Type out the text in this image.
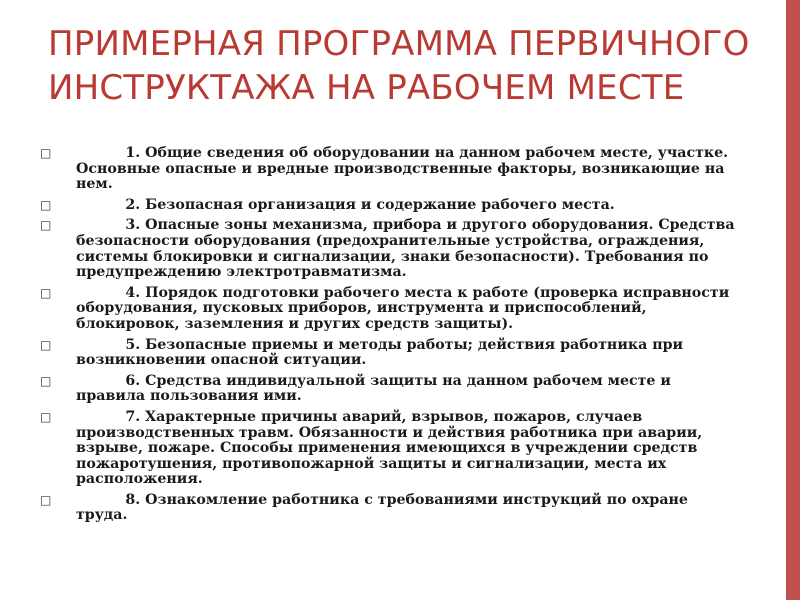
ПРИМЕРНАЯ ПРОГРАММА ПЕРВИЧНОГО
ИНСТРУКТАЖА НА РАБОЧЕМ МЕСТЕ
□ 1. Общие сведения об оборудовании на данном рабочем месте, участке. Основные опасные и вредные производственные факторы, возникающие на нем.
□ 2. Безопасная организация и содержание рабочего места.
□ 3. Опасные зоны механизма, прибора и другого оборудования. Средства безопасности оборудования (предохранительные устройства, ограждения, системы блокировки и сигнализации, знаки безопасности). Требования по предупреждению электротравматизма.
□ 4. Порядок подготовки рабочего места к работе (проверка исправности оборудования, пусковых приборов, инструмента и приспособлений, блокировок, заземления и других средств защиты).
□ 5. Безопасные приемы и методы работы; действия работника при возникновении опасной ситуации.
□ 6. Средства индивидуальной защиты на данном рабочем месте и правила пользования ими.
□ 7. Характерные причины аварий, взрывов, пожаров, случаев производственных травм. Обязанности и действия работника при аварии, взрыве, пожаре. Способы применения имеющихся в учреждении средств пожаротушения, противопожарной защиты и сигнализации, места их расположения.
□ 8. Ознакомление работника с требованиями инструкций по охране труда.
